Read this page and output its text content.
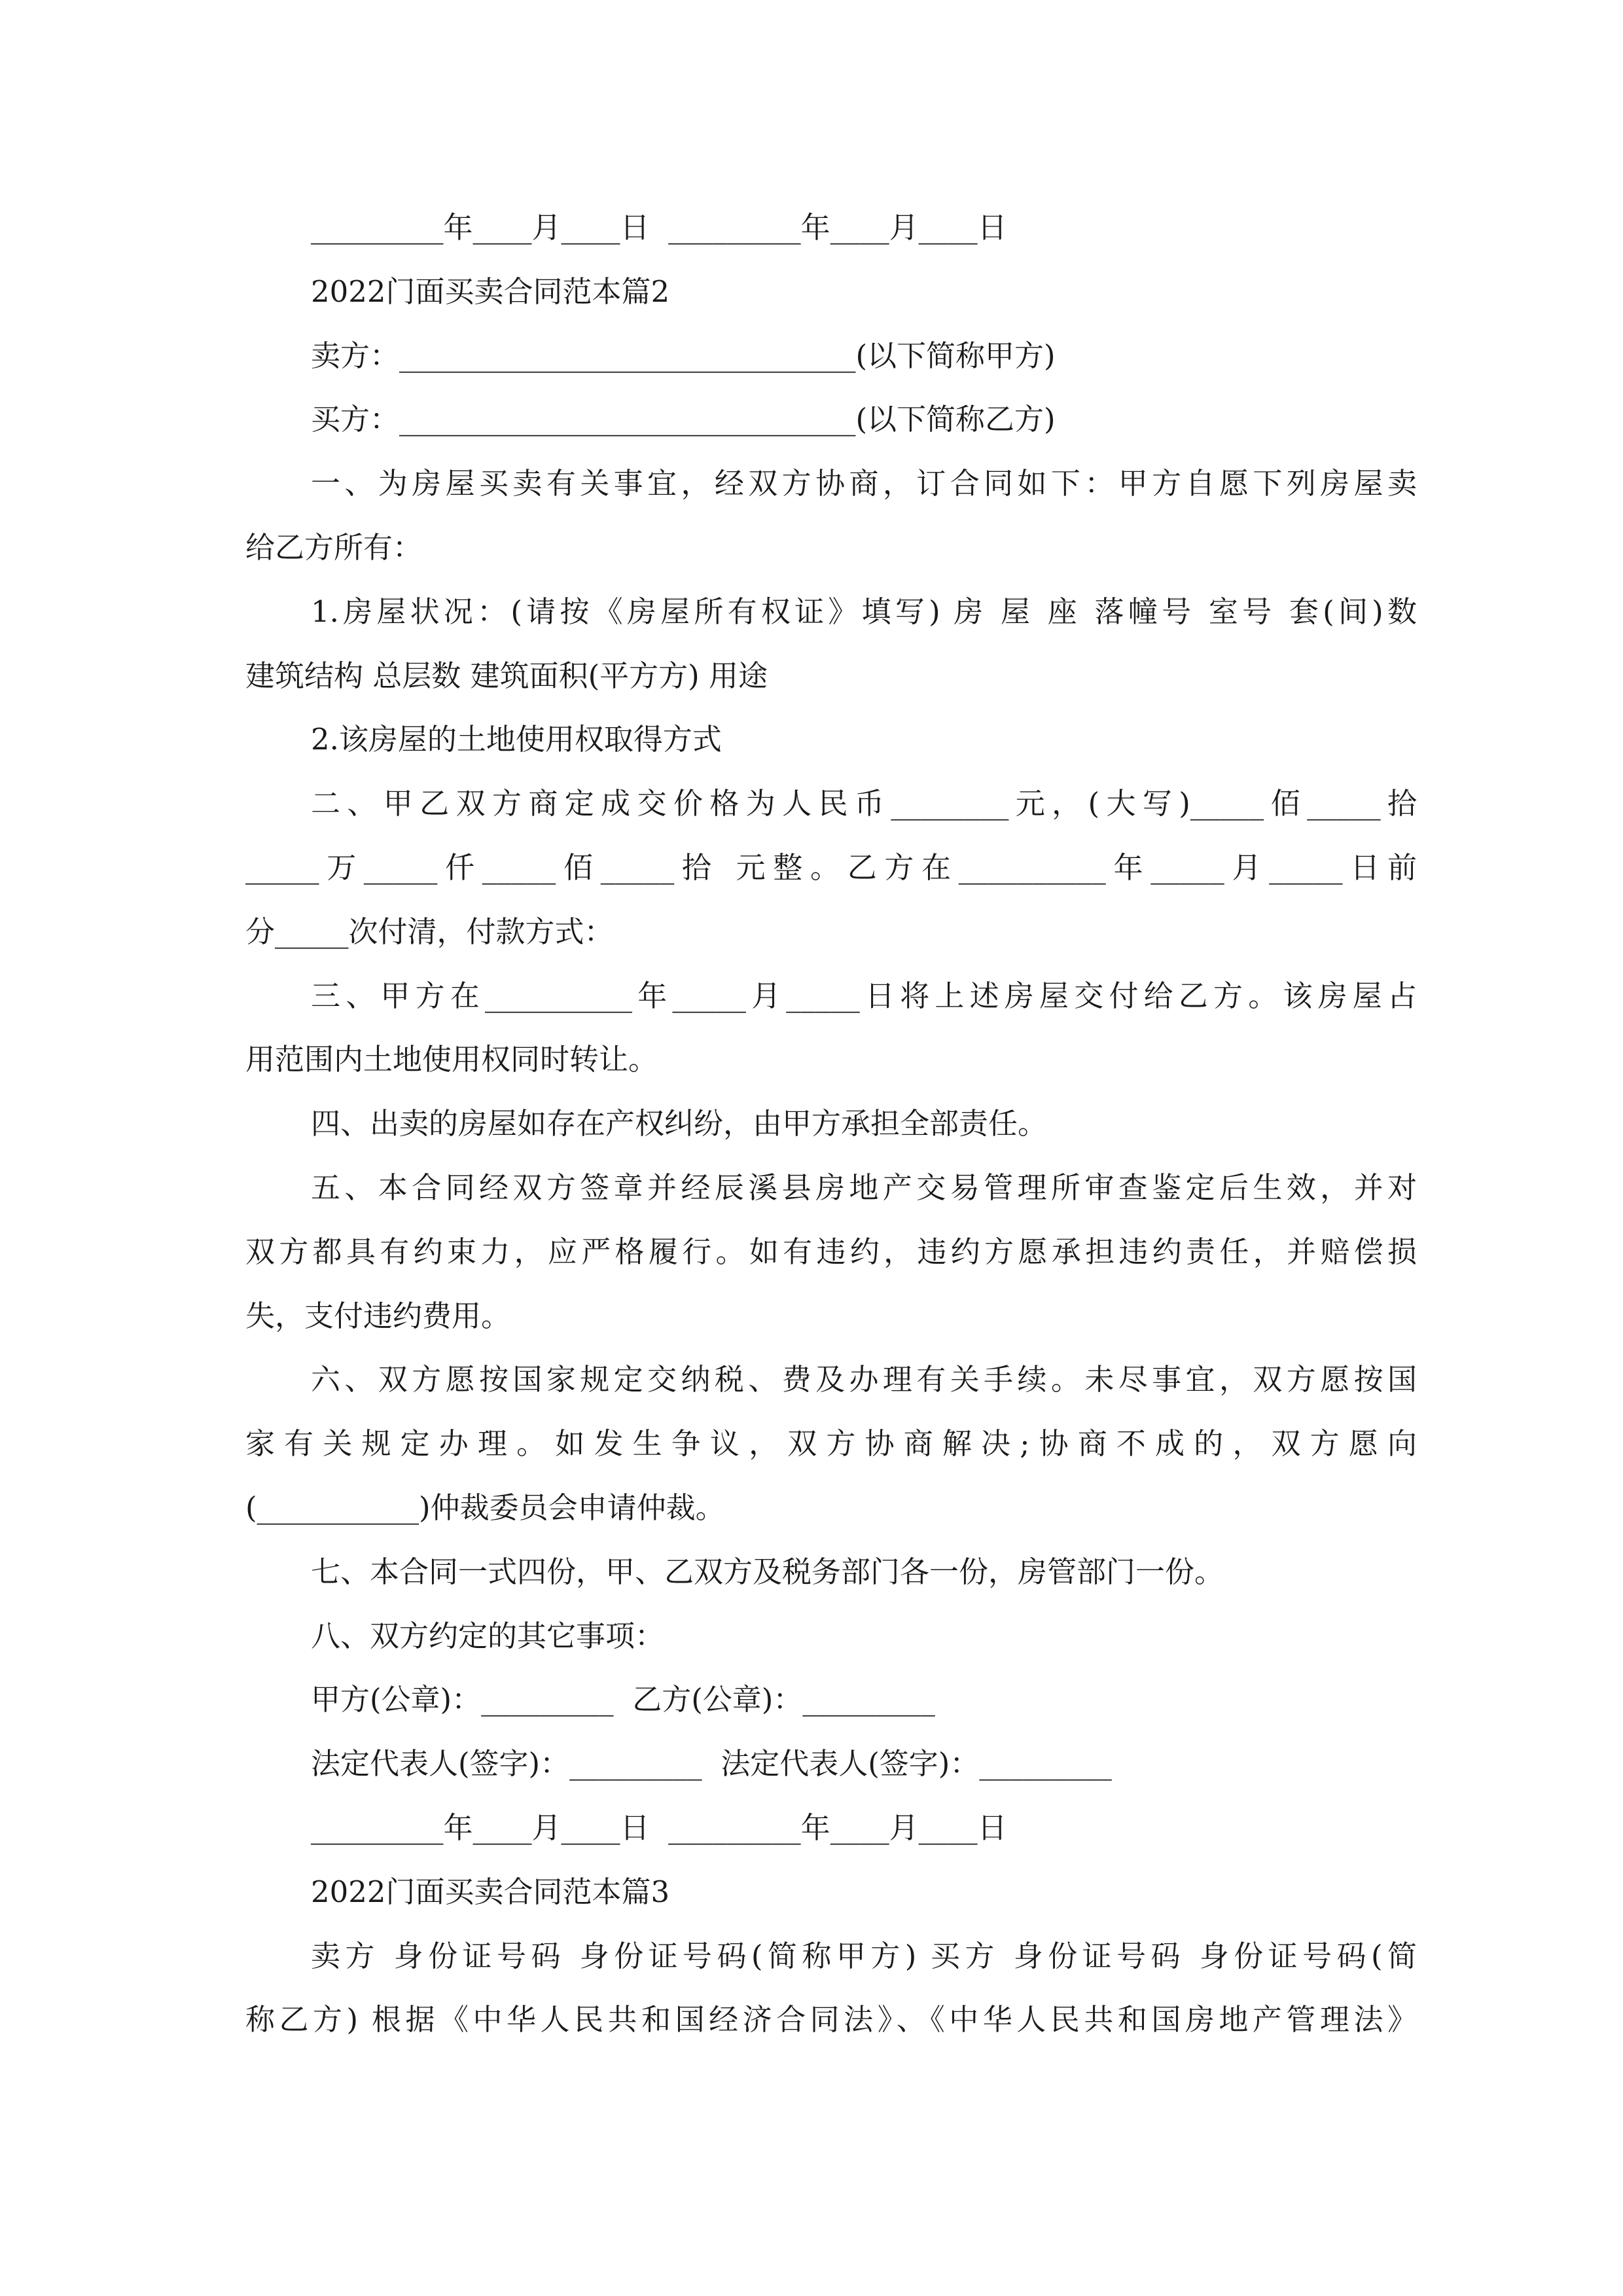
_________年____月____日  _________年____月____日
2022门面买卖合同范本篇2
卖方：_______________________________(以下简称甲方)
买方：_______________________________(以下简称乙方)
一、为房屋买卖有关事宜，经双方协商，订合同如下：甲方自愿下列房屋卖
给乙方所有：
1.房屋状况：(请按《房屋所有权证》填写) 房 屋 座 落幢号 室号 套(间)数
建筑结构 总层数 建筑面积(平方方) 用途
2.该房屋的土地使用权取得方式
二、甲乙双方商定成交价格为人民币________元，(大写)_____佰_____拾
_____万_____仟_____佰_____拾 元整。乙方在__________年_____月_____日前
分_____次付清，付款方式：
三、甲方在__________年_____月_____日将上述房屋交付给乙方。该房屋占
用范围内土地使用权同时转让。
四、出卖的房屋如存在产权纠纷，由甲方承担全部责任。
五、本合同经双方签章并经辰溪县房地产交易管理所审查鉴定后生效，并对
双方都具有约束力，应严格履行。如有违约，违约方愿承担违约责任，并赔偿损
失，支付违约费用。
六、双方愿按国家规定交纳税、费及办理有关手续。未尽事宜，双方愿按国
家有关规定办理。如发生争议，双方协商解决;协商不成的，双方愿向
(___________)仲裁委员会申请仲裁。
七、本合同一式四份，甲、乙双方及税务部门各一份，房管部门一份。
八、双方约定的其它事项：
甲方(公章)：_________  乙方(公章)：_________
法定代表人(签字)：_________  法定代表人(签字)：_________
_________年____月____日  _________年____月____日
2022门面买卖合同范本篇3
卖方 身份证号码 身份证号码(简称甲方) 买方 身份证号码 身份证号码(简
称乙方) 根据《中华人民共和国经济合同法》、《中华人民共和国房地产管理法》
